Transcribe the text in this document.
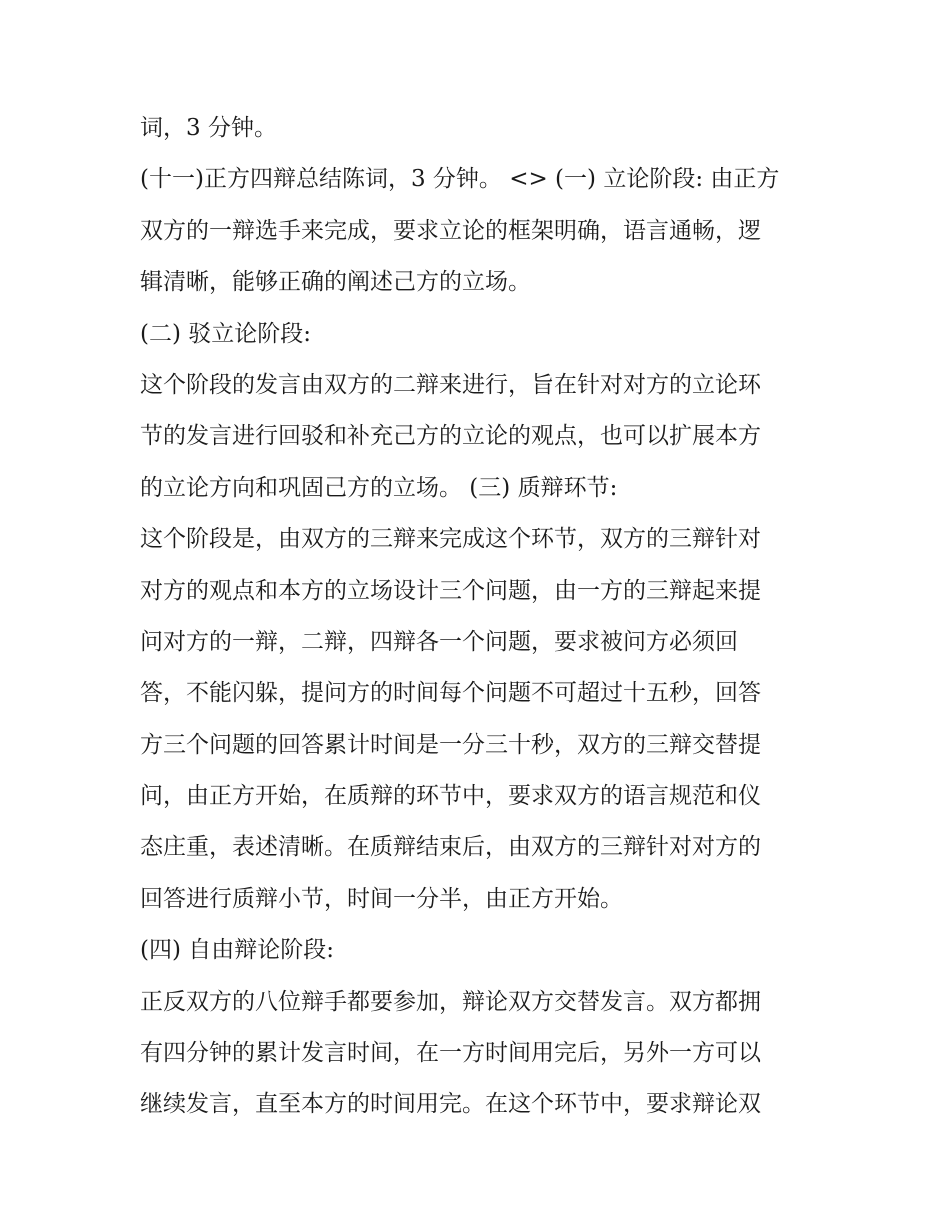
词，3 分钟。
(十一)正方四辩总结陈词，3 分钟。 <> (一) 立论阶段: 由正方
双方的一辩选手来完成，要求立论的框架明确，语言通畅，逻
辑清晰，能够正确的阐述己方的立场。
(二) 驳立论阶段:
这个阶段的发言由双方的二辩来进行，旨在针对对方的立论环
节的发言进行回驳和补充己方的立论的观点，也可以扩展本方
的立论方向和巩固己方的立场。 (三) 质辩环节:
这个阶段是，由双方的三辩来完成这个环节，双方的三辩针对
对方的观点和本方的立场设计三个问题，由一方的三辩起来提
问对方的一辩，二辩，四辩各一个问题，要求被问方必须回
答，不能闪躲，提问方的时间每个问题不可超过十五秒，回答
方三个问题的回答累计时间是一分三十秒，双方的三辩交替提
问，由正方开始，在质辩的环节中，要求双方的语言规范和仪
态庄重，表述清晰。在质辩结束后，由双方的三辩针对对方的
回答进行质辩小节，时间一分半，由正方开始。
(四) 自由辩论阶段:
正反双方的八位辩手都要参加，辩论双方交替发言。双方都拥
有四分钟的累计发言时间，在一方时间用完后，另外一方可以
继续发言，直至本方的时间用完。在这个环节中，要求辩论双
